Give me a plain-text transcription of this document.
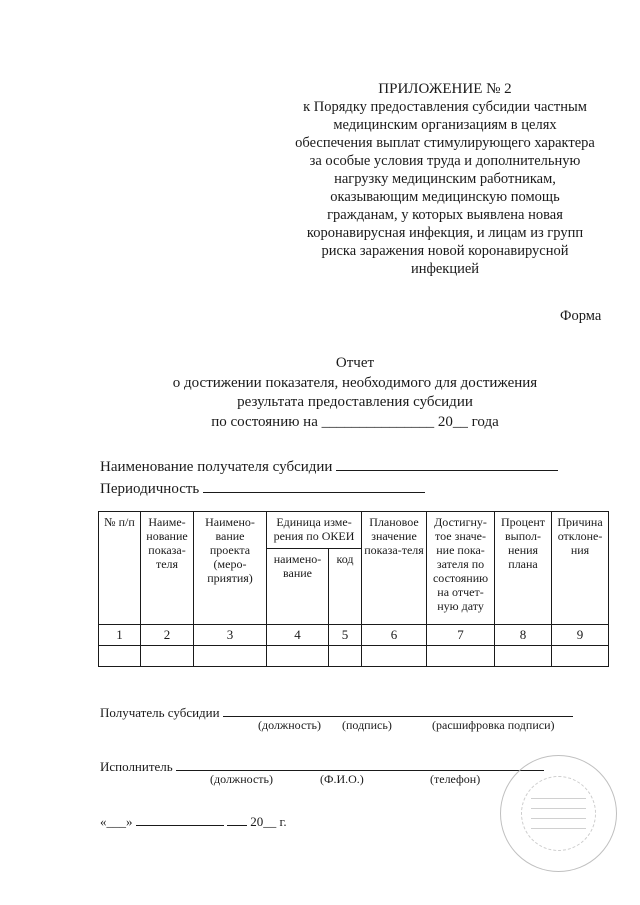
ПРИЛОЖЕНИЕ № 2
к Порядку предоставления субсидии частным
медицинским организациям в целях
обеспечения выплат стимулирующего характера
за особые условия труда и дополнительную
нагрузку медицинским работникам,
оказывающим медицинскую помощь
гражданам, у которых выявлена новая
коронавирусная инфекция, и лицам из групп
риска заражения новой коронавирусной
инфекцией
Форма
Отчет
о достижении показателя, необходимого для достижения
результата предоставления субсидии
по состоянию на _______________ 20__ года
Наименование получателя субсидии
Периодичность
№ п/п	Наиме-нование показа-теля	Наимено-вание проекта (меро-приятия)	Единица изме-рения по ОКЕИ		Плановое значение показа-теля	Достигну-тое значе-ние пока-зателя по состоянию на отчет-ную дату	Процент выпол-нения плана	Причина отклоне-ния
			наимено-вание	код				
1	2	3	4	5	6	7	8	9

Получатель субсидии
(должность) (подпись)	(расшифровка подписи)
Исполнитель
(должность)	(Ф.И.О.)	(телефон)
«___»	20__ г.
